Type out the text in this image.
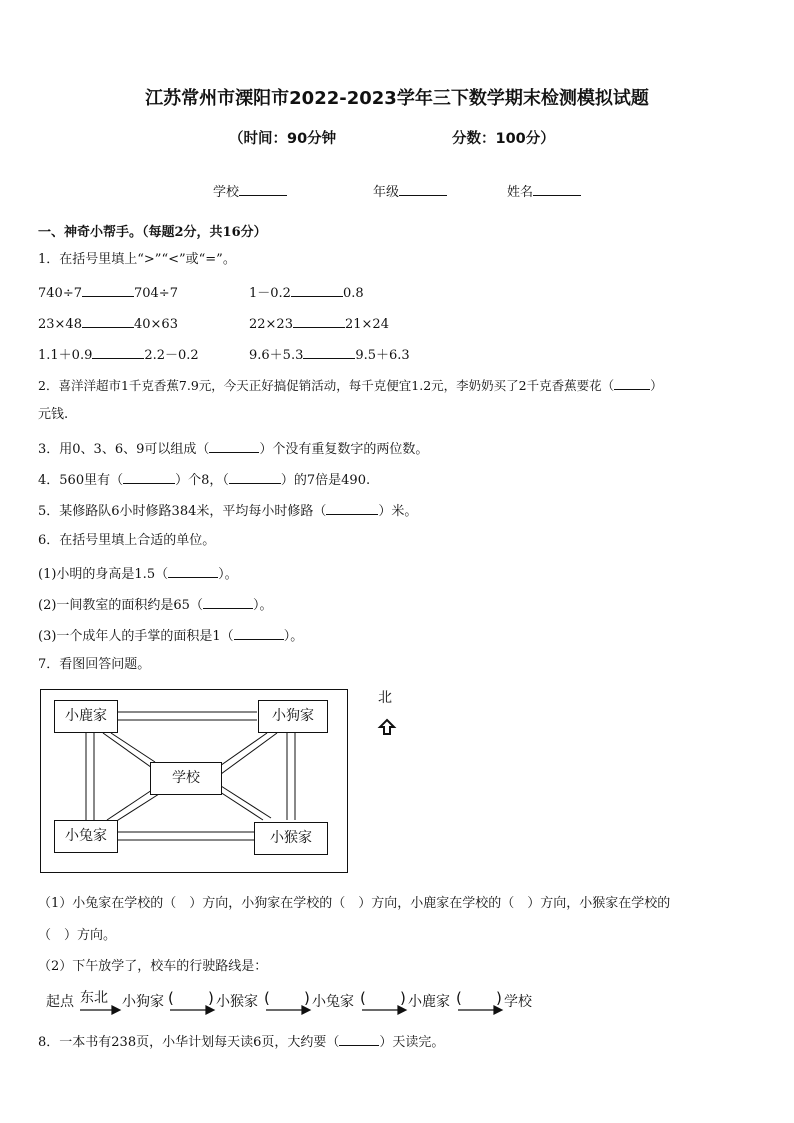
江苏常州市溧阳市2022-2023学年三下数学期末检测模拟试题
（时间：90分钟	分数：100分）
学校	年级	姓名
一、神奇小帮手。（每题2分，共16分）
1．在括号里填上“>”“<”或“=”。
740÷7	704÷7	1－0.2	0.8
23×48	40×63	22×23	21×24
1.1＋0.9	2.2－0.2	9.6＋5.3	9.5＋6.3
2．喜洋洋超市1千克香蕉7.9元，今天正好搞促销活动，每千克便宜1.2元，李奶奶买了2千克香蕉要花（	）
元钱.
3．用0、3、6、9可以组成（	）个没有重复数字的两位数。
4．560里有（	）个8，（	）的7倍是490.
5．某修路队6小时修路384米，平均每小时修路（	）米。
6．在括号里填上合适的单位。
(1)小明的身高是1.5（	）。
(2)一间教室的面积约是65（	）。
(3)一个成年人的手掌的面积是1（	）。
7．看图回答问题。
小鹿家	小狗家
学校
小兔家	小猴家
北
（1）小兔家在学校的（　）方向，小狗家在学校的（　）方向，小鹿家在学校的（　）方向，小猴家在学校的
（　）方向。
（2）下午放学了，校车的行驶路线是：
起点 东北 小狗家	小猴家	小兔家	小鹿家	学校
( )	( )	( )	( )
8．一本书有238页，小华计划每天读6页，大约要（	）天读完。
